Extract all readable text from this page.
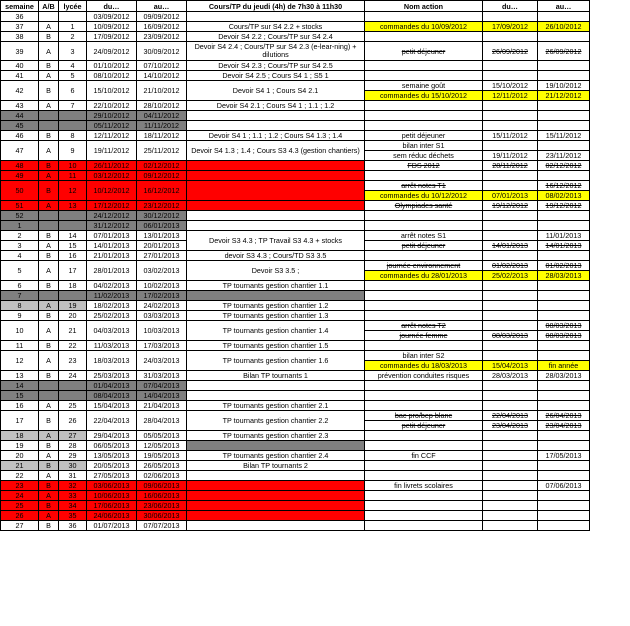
semaine	A/B	lycée	du…	au…	Cours/TP du jeudi (4h) de 7h30 à 11h30	Nom action	du…	au…
36			03/09/2012	09/09/2012				
37	A	1	10/09/2012	16/09/2012	Cours/TP sur S4 2.2 + stocks	commandes du 10/09/2012	17/09/2012	26/10/2012
38	B	2	17/09/2012	23/09/2012	Devoir S4 2.2 ; Cours/TP sur S4 2.4			
39	A	3	24/09/2012	30/09/2012	Devoir S4 2.4 ; Cours/TP sur S4 2.3 (e-lear-ning) + dilutions	petit déjeuner	26/09/2012	26/09/2012
40	B	4	01/10/2012	07/10/2012	Devoir S4 2.3 ; Cours/TP sur S4 2.5			
41	A	5	08/10/2012	14/10/2012	Devoir S4 2.5 ; Cours S4 1 ; S5 1			
42	B	6	15/10/2012	21/10/2012	Devoir S4 1 ; Cours S4 2.1	semaine goût	15/10/2012	19/10/2012
						commandes du 15/10/2012	12/11/2012	21/12/2012
43	A	7	22/10/2012	28/10/2012	Devoir S4 2.1 ; Cours S4 1 ; 1.1 ; 1.2			
44			29/10/2012	04/11/2012				
45			05/11/2012	11/11/2012				
46	B	8	12/11/2012	18/11/2012	Devoir S4 1 ; 1.1 ; 1.2 ; Cours S4 1.3 ; 1.4	petit déjeuner	15/11/2012	15/11/2012
47	A	9	19/11/2012	25/11/2012	Devoir S4 1.3 ; 1.4 ; Cours S3 4.3 (gestion chantiers)	bilan inter S1		
						sem réduc déchets	19/11/2012	23/11/2012
48	B	10	26/11/2012	02/12/2012		FDS 2012	28/11/2012	02/12/2012
49	A	11	03/12/2012	09/12/2012				
50	B	12	10/12/2012	16/12/2012		arrêt notes T1		16/12/2012
						commandes du 10/12/2012	07/01/2013	08/02/2013
51	A	13	17/12/2012	23/12/2012		Olympiades santé	19/12/2012	19/12/2012
52			24/12/2012	30/12/2012				
1			31/12/2012	06/01/2013				
2	B	14	07/01/2013	13/01/2013	Devoir S3 4.3 ; TP Travail S3 4.3 + stocks	arrêt notes S1		11/01/2013
3	A	15	14/01/2013	20/01/2013		petit déjeuner	14/01/2013	14/01/2013
4	B	16	21/01/2013	27/01/2013	devoir S3 4.3 ; Cours/TD S3 3.5			
5	A	17	28/01/2013	03/02/2013	Devoir S3 3.5 ;	journée environnement	01/02/2013	01/02/2013
						commandes du 28/01/2013	25/02/2013	28/03/2013
6	B	18	04/02/2013	10/02/2013	TP tournants gestion chantier 1.1			
7			11/02/2013	17/02/2013				
8	A	19	18/02/2013	24/02/2013	TP tournants gestion chantier 1.2			
9	B	20	25/02/2013	03/03/2013	TP tournants gestion chantier 1.3			
10	A	21	04/03/2013	10/03/2013	TP tournants gestion chantier 1.4	arrêt notes T2		08/03/2013
						journée femme	08/03/2013	08/03/2013
11	B	22	11/03/2013	17/03/2013	TP tournants gestion chantier 1.5			
12	A	23	18/03/2013	24/03/2013	TP tournants gestion chantier 1.6	bilan inter S2		
						commandes du 18/03/2013	15/04/2013	fin année
13	B	24	25/03/2013	31/03/2013	Bilan TP tournants 1	prévention conduites risques	28/03/2013	28/03/2013
14			01/04/2013	07/04/2013				
15			08/04/2013	14/04/2013				
16	A	25	15/04/2013	21/04/2013	TP tournants gestion chantier 2.1			
17	B	26	22/04/2013	28/04/2013	TP tournants gestion chantier 2.2	bac pro/bep blanc	22/04/2013	26/04/2013
						petit déjeuner	23/04/2013	23/04/2013
18	A	27	29/04/2013	05/05/2013	TP tournants gestion chantier 2.3			
19	B	28	06/05/2013	12/05/2013				
20	A	29	13/05/2013	19/05/2013	TP tournants gestion chantier 2.4	fin CCF		17/05/2013
21	B	30	20/05/2013	26/05/2013	Bilan TP tournants 2			
22	A	31	27/05/2013	02/06/2013				
23	B	32	03/06/2013	09/06/2013		fin livrets scolaires		07/06/2013
24	A	33	10/06/2013	16/06/2013				
25	B	34	17/06/2013	23/06/2013				
26	A	35	24/06/2013	30/06/2013				
27	B	36	01/07/2013	07/07/2013				
